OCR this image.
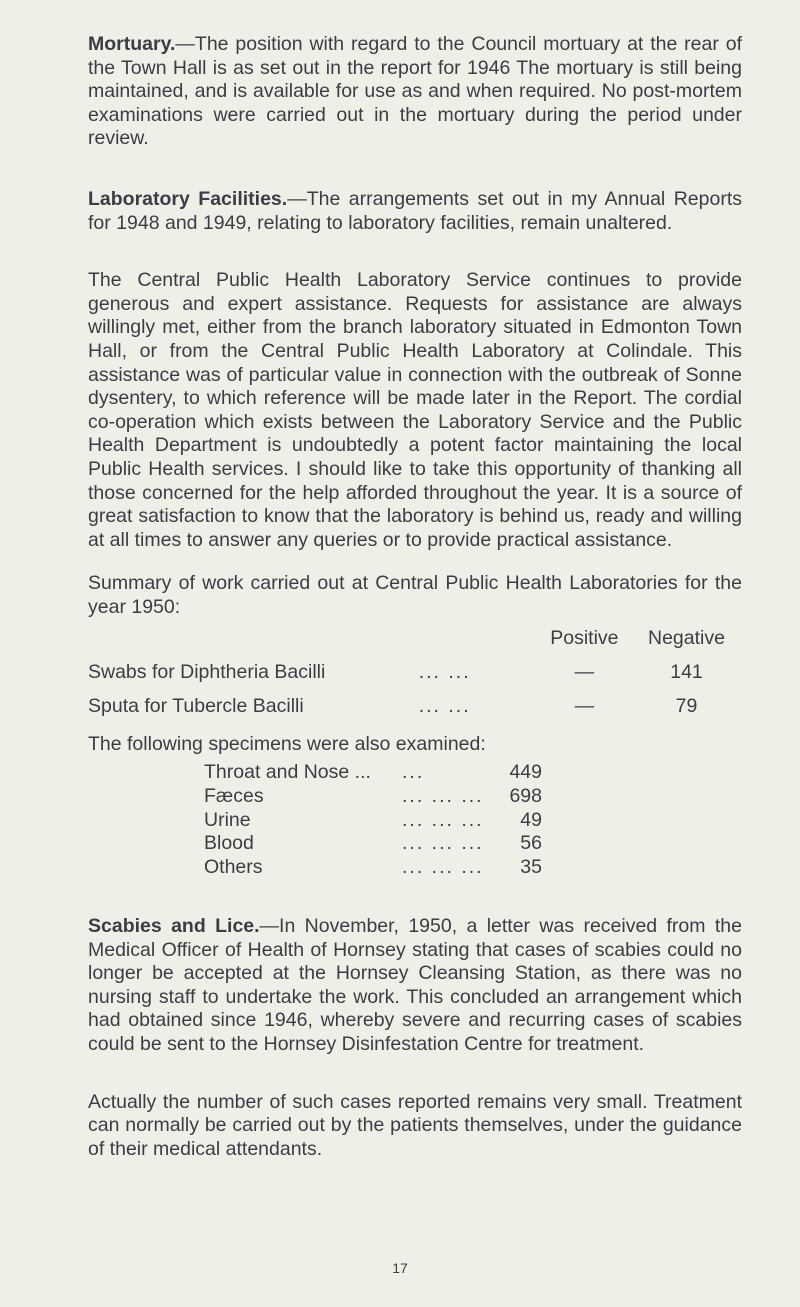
Mortuary.—The position with regard to the Council mortuary at the rear of the Town Hall is as set out in the report for 1946 The mortuary is still being maintained, and is available for use as and when required. No post-mortem examinations were carried out in the mortuary during the period under review.

Laboratory Facilities.—The arrangements set out in my Annual Reports for 1948 and 1949, relating to laboratory facilities, remain unaltered.

The Central Public Health Laboratory Service continues to provide generous and expert assistance. Requests for assistance are always willingly met, either from the branch laboratory situated in Edmonton Town Hall, or from the Central Public Health Laboratory at Colindale. This assistance was of particular value in connection with the outbreak of Sonne dysentery, to which reference will be made later in the Report. The cordial co-operation which exists between the Laboratory Service and the Public Health Department is undoubtedly a potent factor maintaining the local Public Health services. I should like to take this opportunity of thanking all those concerned for the help afforded throughout the year. It is a source of great satisfaction to know that the laboratory is behind us, ready and willing at all times to answer any queries or to provide practical assistance.

Summary of work carried out at Central Public Health Laboratories for the year 1950:

		Positive	Negative
Swabs for Diphtheria Bacilli	... ...	—	141
Sputa for Tubercle Bacilli	... ...	—	79

The following specimens were also examined:

Throat and Nose ...	...	449
Fæces	... ... ...	698
Urine	... ... ...	49
Blood	... ... ...	56
Others	... ... ...	35

Scabies and Lice.—In November, 1950, a letter was received from the Medical Officer of Health of Hornsey stating that cases of scabies could no longer be accepted at the Hornsey Cleansing Station, as there was no nursing staff to undertake the work. This concluded an arrangement which had obtained since 1946, whereby severe and recurring cases of scabies could be sent to the Hornsey Disinfestation Centre for treatment.

Actually the number of such cases reported remains very small. Treatment can normally be carried out by the patients themselves, under the guidance of their medical attendants.

17
